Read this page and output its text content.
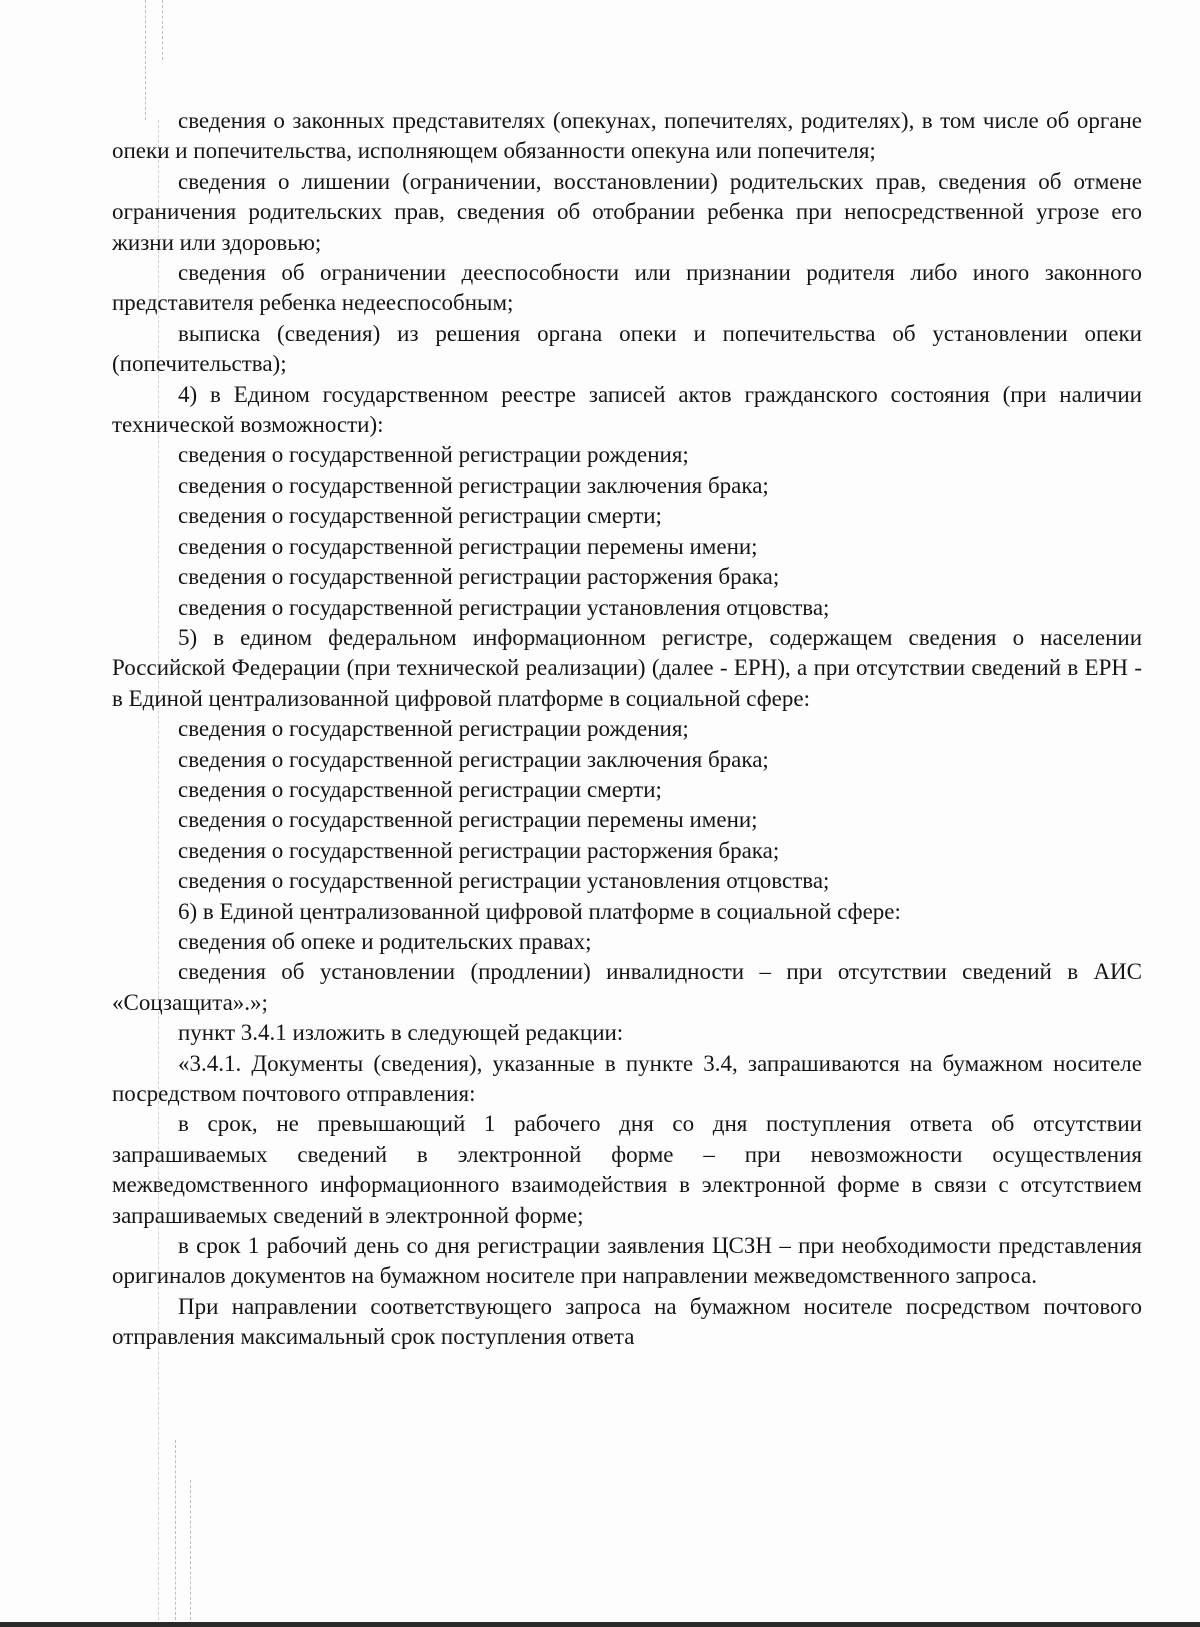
сведения о законных представителях (опекунах, попечителях, родителях), в том числе об органе опеки и попечительства, исполняющем обязанности опекуна или попечителя;

сведения о лишении (ограничении, восстановлении) родительских прав, сведения об отмене ограничения родительских прав, сведения об отобрании ребенка при непосредственной угрозе его жизни или здоровью;

сведения об ограничении дееспособности или признании родителя либо иного законного представителя ребенка недееспособным;

выписка (сведения) из решения органа опеки и попечительства об установлении опеки (попечительства);

4) в Едином государственном реестре записей актов гражданского состояния (при наличии технической возможности):

сведения о государственной регистрации рождения;

сведения о государственной регистрации заключения брака;

сведения о государственной регистрации смерти;

сведения о государственной регистрации перемены имени;

сведения о государственной регистрации расторжения брака;

сведения о государственной регистрации установления отцовства;

5) в едином федеральном информационном регистре, содержащем сведения о населении Российской Федерации (при технической реализации) (далее - ЕРН), а при отсутствии сведений в ЕРН - в Единой централизованной цифровой платформе в социальной сфере:

сведения о государственной регистрации рождения;

сведения о государственной регистрации заключения брака;

сведения о государственной регистрации смерти;

сведения о государственной регистрации перемены имени;

сведения о государственной регистрации расторжения брака;

сведения о государственной регистрации установления отцовства;

6) в Единой централизованной цифровой платформе в социальной сфере:

сведения об опеке и родительских правах;

сведения об установлении (продлении) инвалидности – при отсутствии сведений в АИС «Соцзащита».»;

пункт 3.4.1 изложить в следующей редакции:

«3.4.1. Документы (сведения), указанные в пункте 3.4, запрашиваются на бумажном носителе посредством почтового отправления:

в срок, не превышающий 1 рабочего дня со дня поступления ответа об отсутствии запрашиваемых сведений в электронной форме – при невозможности осуществления межведомственного информационного взаимодействия в электронной форме в связи с отсутствием запрашиваемых сведений в электронной форме;

в срок 1 рабочий день со дня регистрации заявления ЦСЗН – при необходимости представления оригиналов документов на бумажном носителе при направлении межведомственного запроса.

При направлении соответствующего запроса на бумажном носителе посредством почтового отправления максимальный срок поступления ответа
